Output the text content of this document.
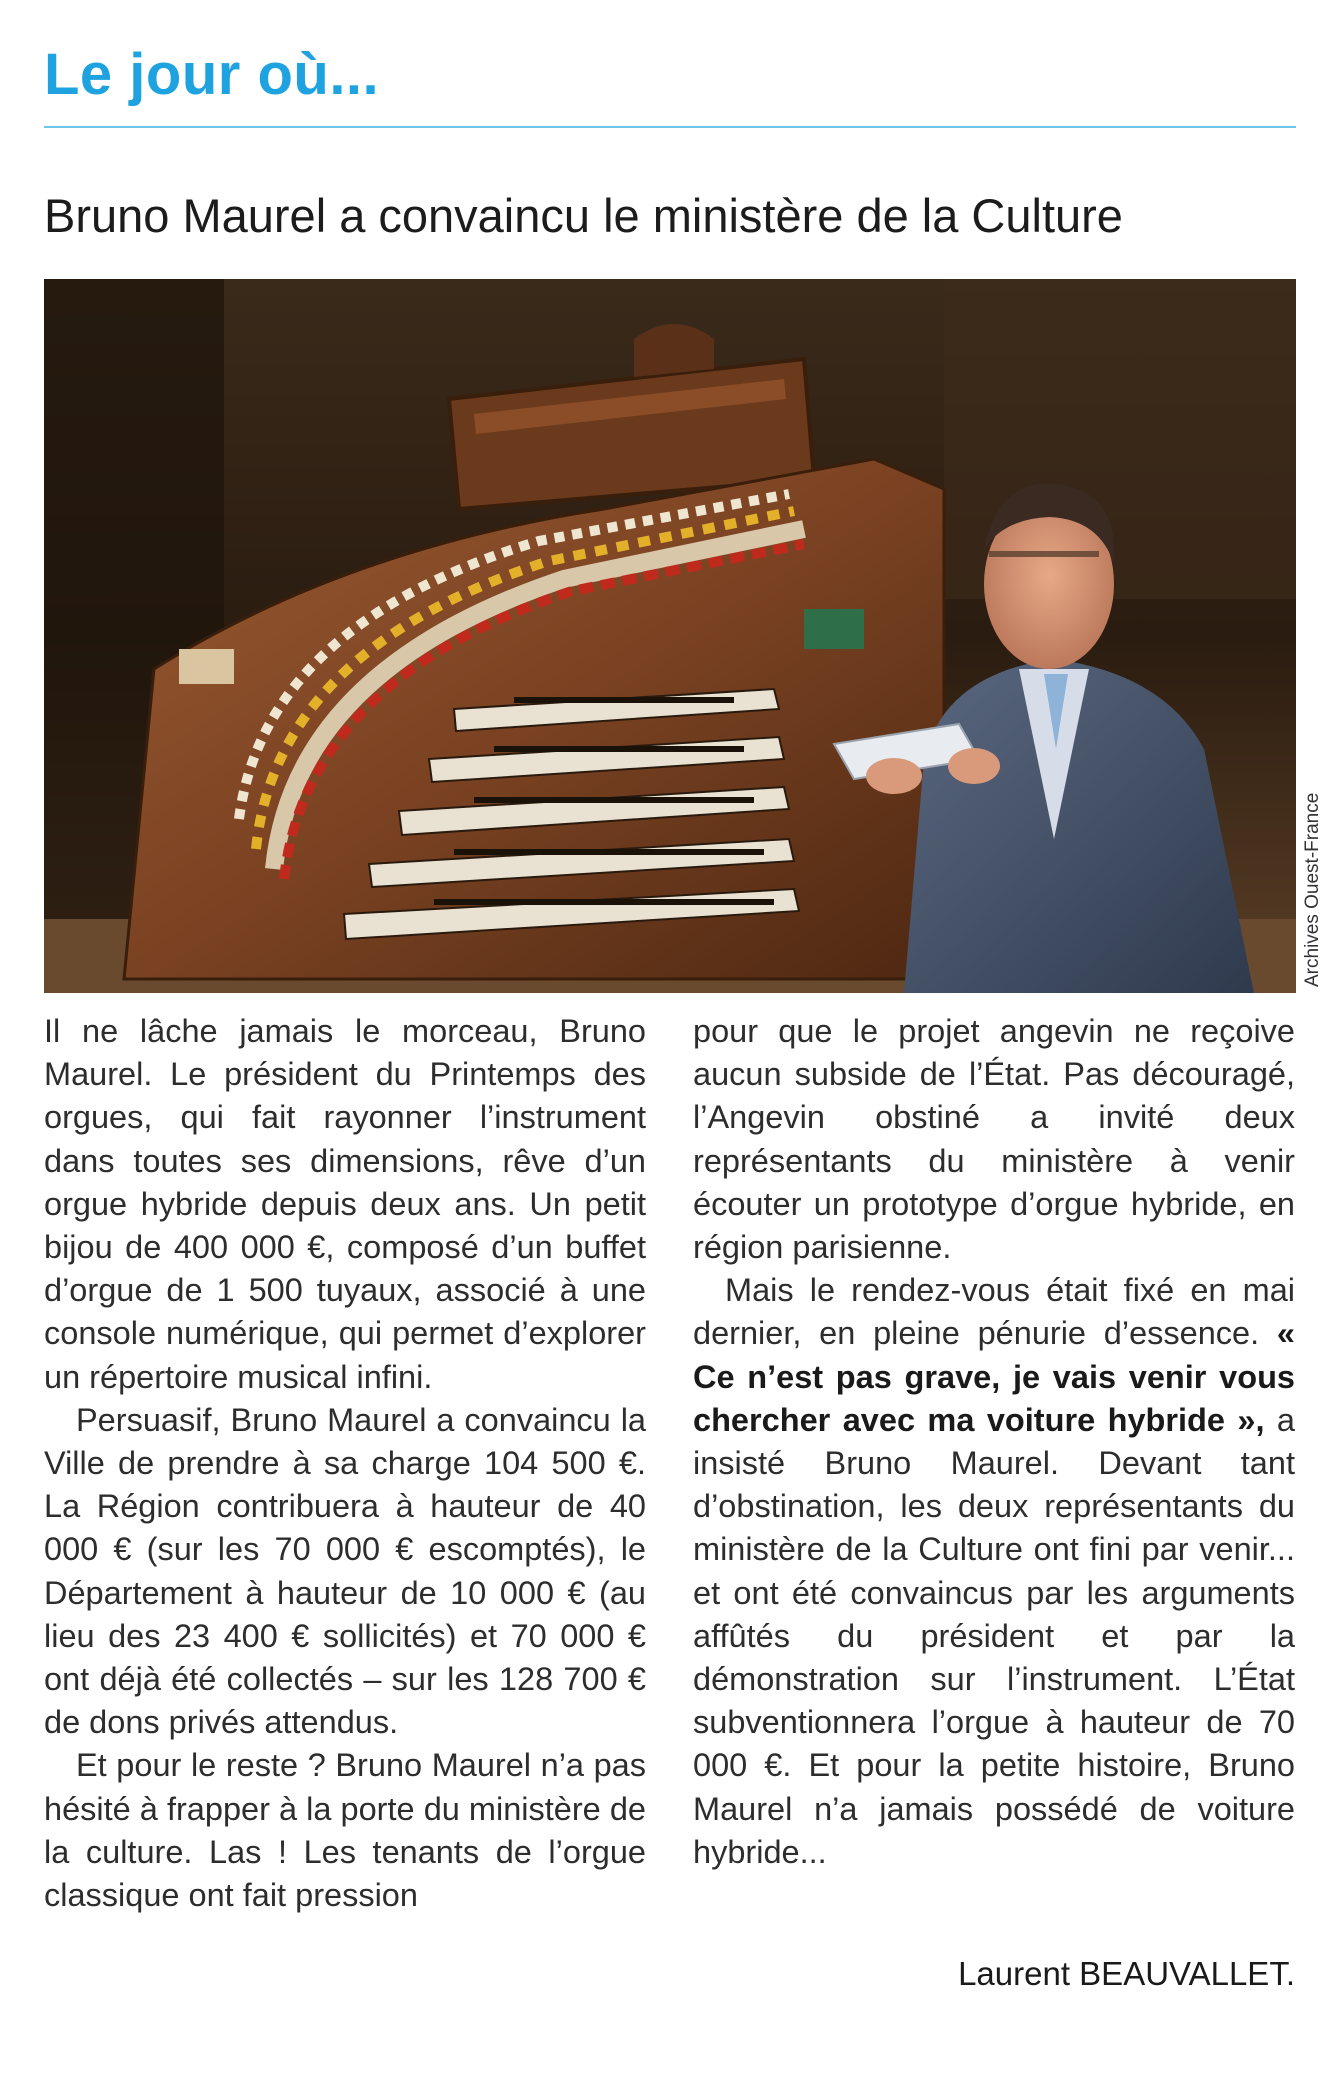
Le jour où...
Bruno Maurel a convaincu le ministère de la Culture
Archives Ouest-France

Il ne lâche jamais le morceau, Bruno Maurel. Le président du Printemps des orgues, qui fait rayonner l’instrument dans toutes ses dimensions, rêve d’un orgue hybride depuis deux ans. Un petit bijou de 400 000 €, composé d’un buffet d’orgue de 1 500 tuyaux, associé à une console numérique, qui permet d’explorer un répertoire musical infini.

Persuasif, Bruno Maurel a convaincu la Ville de prendre à sa charge 104 500 €. La Région contribuera à hauteur de 40 000 € (sur les 70 000 € escomptés), le Département à hauteur de 10 000 € (au lieu des 23 400 € sollicités) et 70 000 € ont déjà été collectés – sur les 128 700 € de dons privés attendus.

Et pour le reste ? Bruno Maurel n’a pas hésité à frapper à la porte du ministère de la culture. Las ! Les tenants de l’orgue classique ont fait pression

pour que le projet angevin ne reçoive aucun subside de l’État. Pas découragé, l’Angevin obstiné a invité deux représentants du ministère à venir écouter un prototype d’orgue hybride, en région parisienne.

Mais le rendez-vous était fixé en mai dernier, en pleine pénurie d’essence. « Ce n’est pas grave, je vais venir vous chercher avec ma voiture hybride », a insisté Bruno Maurel. Devant tant d’obstination, les deux représentants du ministère de la Culture ont fini par venir... et ont été convaincus par les arguments affûtés du président et par la démonstration sur l’instrument. L’État subventionnera l’orgue à hauteur de 70 000 €. Et pour la petite histoire, Bruno Maurel n’a jamais possédé de voiture hybride...

Laurent BEAUVALLET.
